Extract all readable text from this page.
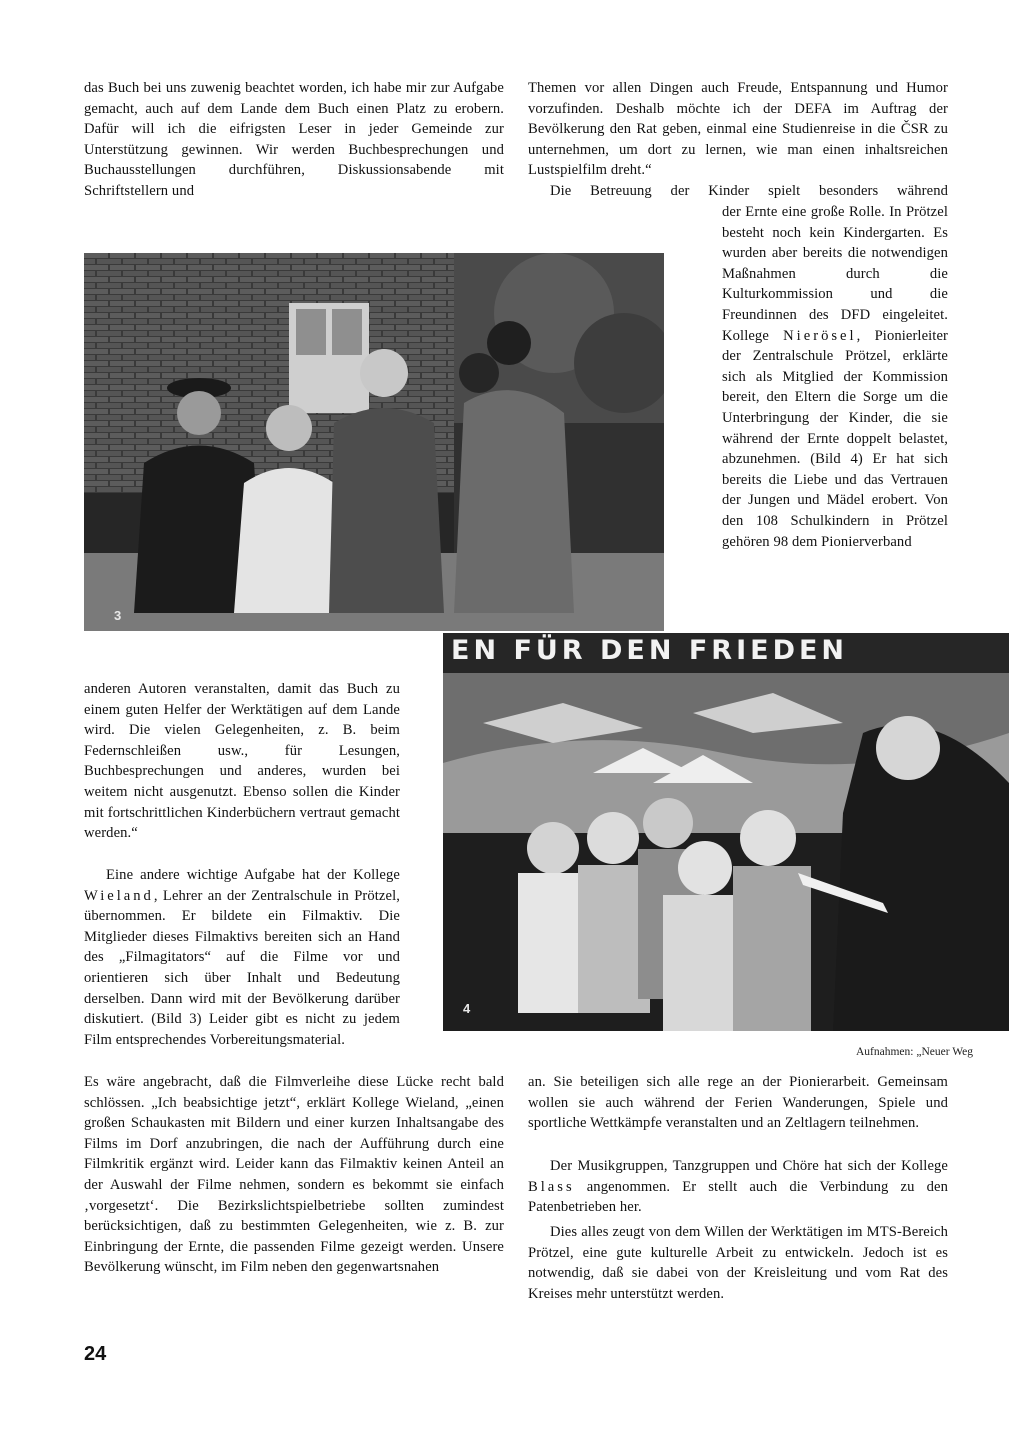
das Buch bei uns zuwenig beachtet worden, ich habe mir zur Aufgabe gemacht, auch auf dem Lande dem Buch einen Platz zu erobern. Dafür will ich die eifrigsten Leser in jeder Gemeinde zur Unterstützung gewinnen. Wir werden Buchbesprechungen und Buchausstellungen durchführen, Diskussionsabende mit Schriftstellern und

Themen vor allen Dingen auch Freude, Entspannung und Humor vorzufinden. Deshalb möchte ich der DEFA im Auftrag der Bevölkerung den Rat geben, einmal eine Studienreise in die ČSR zu unternehmen, um dort zu lernen, wie man einen inhaltsreichen Lustspielfilm dreht.“

Die Betreuung der Kinder spielt besonders während

der Ernte eine große Rolle. In Prötzel besteht noch kein Kindergarten. Es wurden aber bereits die notwendigen Maßnahmen durch die Kulturkommission und die Freundinnen des DFD eingeleitet. Kollege Nierösel, Pionierleiter der Zentralschule Prötzel, erklärte sich als Mitglied der Kommission bereit, den Eltern die Sorge um die Unterbringung der Kinder, die sie während der Ernte doppelt belastet, abzunehmen. (Bild 4) Er hat sich bereits die Liebe und das Vertrauen der Jungen und Mädel erobert. Von den 108 Schulkindern in Prötzel gehören 98 dem Pionierverband

3
EN FÜR DEN FRIEDEN
4
Aufnahmen: „Neuer Weg

anderen Autoren veranstalten, damit das Buch zu einem guten Helfer der Werktätigen auf dem Lande wird. Die vielen Gelegenheiten, z. B. beim Federnschleißen usw., für Lesungen, Buchbesprechungen und anderes, wurden bei weitem nicht ausgenutzt. Ebenso sollen die Kinder mit fortschrittlichen Kinderbüchern vertraut gemacht werden.“

Eine andere wichtige Aufgabe hat der Kollege Wieland, Lehrer an der Zentralschule in Prötzel, übernommen. Er bildete ein Filmaktiv. Die Mitglieder dieses Filmaktivs bereiten sich an Hand des „Filmagitators“ auf die Filme vor und orientieren sich über Inhalt und Bedeutung derselben. Dann wird mit der Bevölkerung darüber diskutiert. (Bild 3) Leider gibt es nicht zu jedem Film entsprechendes Vorbereitungsmaterial.

Es wäre angebracht, daß die Filmverleihe diese Lücke recht bald schlössen. „Ich beabsichtige jetzt“, erklärt Kollege Wieland, „einen großen Schaukasten mit Bildern und einer kurzen Inhaltsangabe des Films im Dorf anzubringen, die nach der Aufführung durch eine Filmkritik ergänzt wird. Leider kann das Filmaktiv keinen Anteil an der Auswahl der Filme nehmen, sondern es bekommt sie einfach ‚vorgesetzt‘. Die Bezirkslichtspielbetriebe sollten zumindest berücksichtigen, daß zu bestimmten Gelegenheiten, wie z. B. zur Einbringung der Ernte, die passenden Filme gezeigt werden. Unsere Bevölkerung wünscht, im Film neben den gegenwartsnahen

an. Sie beteiligen sich alle rege an der Pionierarbeit. Gemeinsam wollen sie auch während der Ferien Wanderungen, Spiele und sportliche Wettkämpfe veranstalten und an Zeltlagern teilnehmen.

Der Musikgruppen, Tanzgruppen und Chöre hat sich der Kollege Blass angenommen. Er stellt auch die Verbindung zu den Patenbetrieben her.

Dies alles zeugt von dem Willen der Werktätigen im MTS-Bereich Prötzel, eine gute kulturelle Arbeit zu entwickeln. Jedoch ist es notwendig, daß sie dabei von der Kreisleitung und vom Rat des Kreises mehr unterstützt werden.

24
